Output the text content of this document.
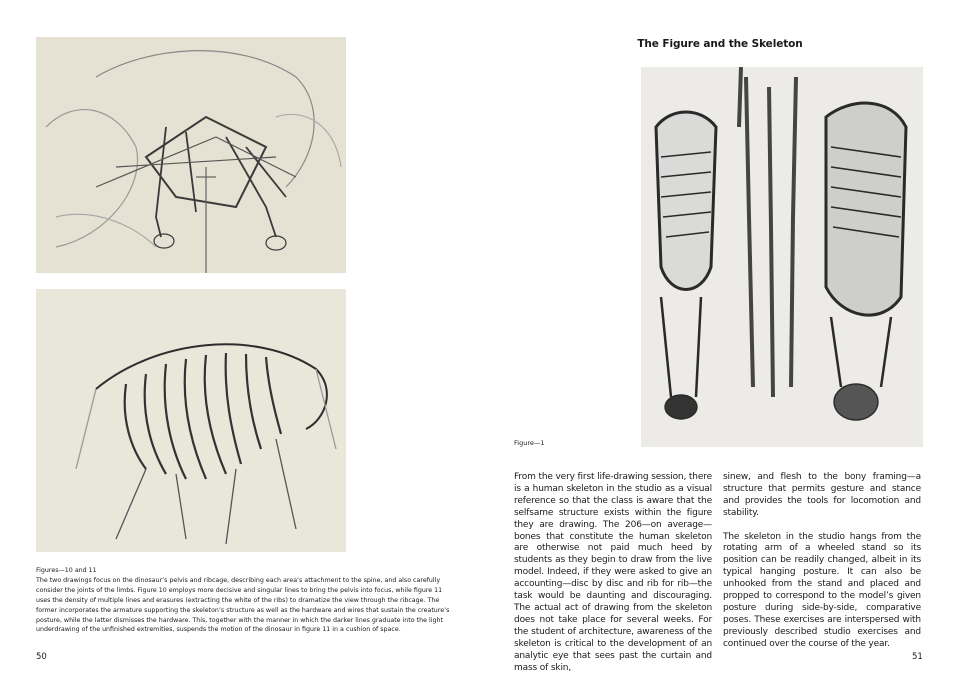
The Figure and the Skeleton
Figure—1
Figures—10 and 11
The two drawings focus on the dinosaur’s pelvis and ribcage, describing each area’s attachment to the spine, and also carefully consider the joints of the limbs. Figure 10 employs more decisive and singular lines to bring the pelvis into focus, while figure 11 uses the density of multiple lines and erasures (extracting the white of the ribs) to dramatize the view through the ribcage. The former incorporates the armature supporting the skeleton’s structure as well as the hardware and wires that sustain the creature’s posture, while the latter dismisses the hardware. This, together with the manner in which the darker lines graduate into the light underdrawing of the unfinished extremities, suspends the motion of the dinosaur in figure 11 in a cushion of space.

From the very first life-drawing session, there is a human skeleton in the studio as a visual reference so that the class is aware that the selfsame structure exists within the figure they are drawing. The 206—on average—bones that constitute the human skeleton are otherwise not paid much heed by students as they begin to draw from the live model. Indeed, if they were asked to give an accounting—disc by disc and rib for rib—the task would be daunting and discouraging. The actual act of drawing from the skeleton does not take place for several weeks. For the student of architecture, awareness of the skeleton is critical to the development of an analytic eye that sees past the curtain and mass of skin,

sinew, and flesh to the bony framing—a structure that permits gesture and stance and provides the tools for locomotion and stability.

The skeleton in the studio hangs from the rotating arm of a wheeled stand so its position can be readily changed, albeit in its typical hanging posture. It can also be unhooked from the stand and placed and propped to correspond to the model’s given posture during side-by-side, comparative poses. These exercises are interspersed with previously described studio exercises and continued over the course of the year.

50	51
